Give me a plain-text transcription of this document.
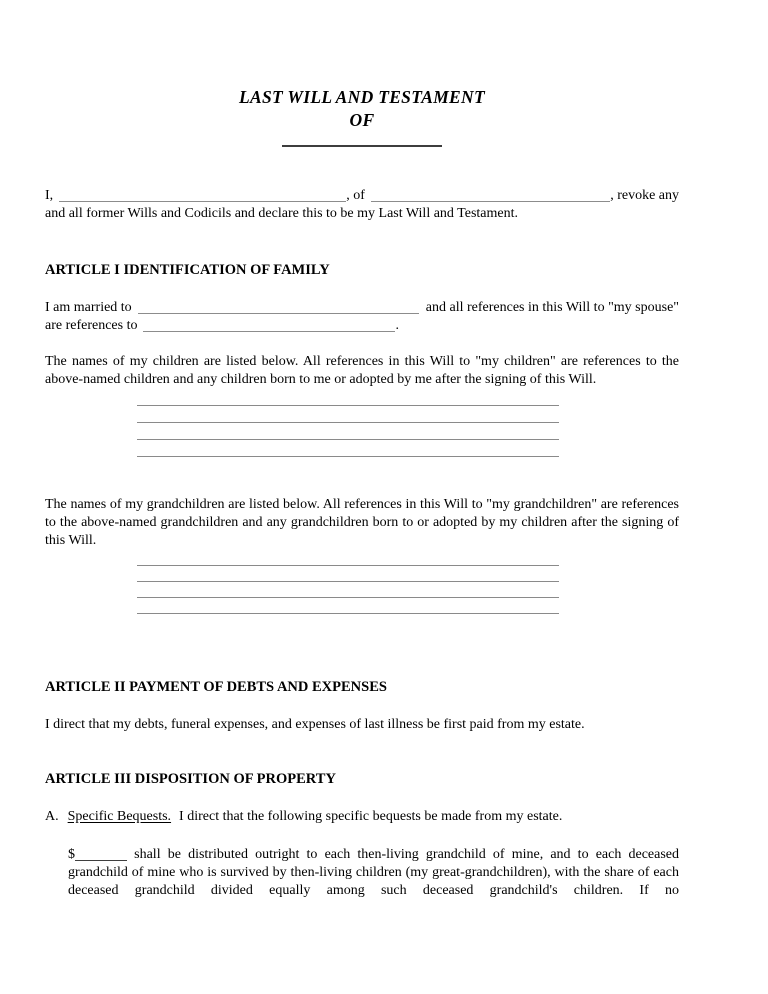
LAST WILL AND TESTAMENT
OF
I,	, of	, revoke any
and all former Wills and Codicils and declare this to be my Last Will and Testament.
ARTICLE I IDENTIFICATION OF FAMILY
I am married to	and all references in this Will to "my spouse"
are references to	.
The names of my children are listed below. All references in this Will to "my children" are references to the above-named children and any children born to me or adopted by me after the signing of this Will.
The names of my grandchildren are listed below. All references in this Will to "my grandchildren" are references to the above-named grandchildren and any grandchildren born to or adopted by my children after the signing of this Will.
ARTICLE II PAYMENT OF DEBTS AND EXPENSES
I direct that my debts, funeral expenses, and expenses of last illness be first paid from my estate.
ARTICLE III DISPOSITION OF PROPERTY
A. Specific Bequests. I direct that the following specific bequests be made from my estate.
$	shall be distributed outright to each then-living grandchild of mine, and to each deceased grandchild of mine who is survived by then-living children (my great-grandchildren), with the share of each deceased grandchild divided equally among such deceased grandchild's children. If no
